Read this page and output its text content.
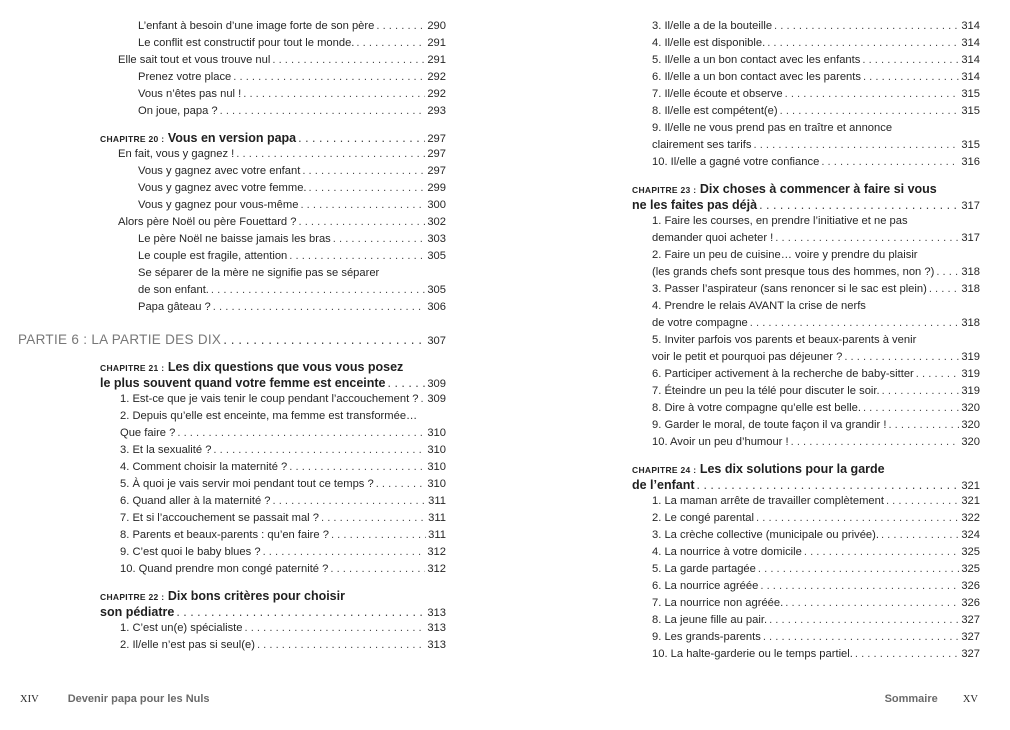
L’enfant à besoin d’une image forte de son père . . .	290
Le conflit est constructif pour tout le monde. . . .	291
Elle sait tout et vous trouve nul . . .	291
Prenez votre place . . .	292
Vous n’êtes pas nul ! . . .	292
On joue, papa ? . . .	293
CHAPITRE 20 : Vous en version papa . . .	297
En fait, vous y gagnez ! . . .	297
Vous y gagnez avec votre enfant . . .	297
Vous y gagnez avec votre femme. . . .	299
Vous y gagnez pour vous-même . . .	300
Alors père Noël ou père Fouettard ? . . .	302
Le père Noël ne baisse jamais les bras . . .	303
Le couple est fragile, attention . . .	305
Se séparer de la mère ne signifie pas se séparer
de son enfant. . . .	305
Papa gâteau ? . . .	306
PARTIE 6 : LA PARTIE DES DIX . . .	307
CHAPITRE 21 : Les dix questions que vous vous posez
le plus souvent quand votre femme est enceinte . . .	309
1. Est-ce que je vais tenir le coup pendant l’accouchement ? . . . 309
2. Depuis qu’elle est enceinte, ma femme est transformée…
Que faire ? . . .	310
3. Et la sexualité ? . . .	310
4. Comment choisir la maternité ? . . .	310
5. À quoi je vais servir moi pendant tout ce temps ? . . .	310
6. Quand aller à la maternité ? . . .	311
7. Et si l’accouchement se passait mal ? . . .	311
8. Parents et beaux-parents : qu’en faire ? . . .	311
9. C’est quoi le baby blues ? . . .	312
10. Quand prendre mon congé paternité ? . . .	312
CHAPITRE 22 : Dix bons critères pour choisir
son pédiatre . . .	313
1. C’est un(e) spécialiste . . .	313
2. Il/elle n’est pas si seul(e) . . .	313
3. Il/elle a de la bouteille . . .	314
4. Il/elle est disponible. . . .	314
5. Il/elle a un bon contact avec les enfants . . .	314
6. Il/elle a un bon contact avec les parents . . .	314
7. Il/elle écoute et observe . . .	315
8. Il/elle est compétent(e) . . .	315
9. Il/elle ne vous prend pas en traître et annonce
clairement ses tarifs . . .	315
10. Il/elle a gagné votre confiance . . .	316
CHAPITRE 23 : Dix choses à commencer à faire si vous
ne les faites pas déjà . . .	317
1. Faire les courses, en prendre l’initiative et ne pas
demander quoi acheter ! . . .	317
2. Faire un peu de cuisine… voire y prendre du plaisir
(les grands chefs sont presque tous des hommes, non ?) . . . 318
3. Passer l’aspirateur (sans renoncer si le sac est plein) . . .	318
4. Prendre le relais AVANT la crise de nerfs
de votre compagne . . .	318
5. Inviter parfois vos parents et beaux-parents à venir
voir le petit et pourquoi pas déjeuner ? . . .	319
6. Participer activement à la recherche de baby-sitter . . .	319
7. Éteindre un peu la télé pour discuter le soir. . . .	319
8. Dire à votre compagne qu’elle est belle. . . .	320
9. Garder le moral, de toute façon il va grandir ! . . .	320
10. Avoir un peu d’humour ! . . .	320
CHAPITRE 24 : Les dix solutions pour la garde
de l’enfant . . .	321
1. La maman arrête de travailler complètement . . .	321
2. Le congé parental . . .	322
3. La crèche collective (municipale ou privée). . . .	324
4. La nourrice à votre domicile . . .	325
5. La garde partagée . . .	325
6. La nourrice agréée . . .	326
7. La nourrice non agréée. . . .	326
8. La jeune fille au pair. . . .	327
9. Les grands-parents . . .	327
10. La halte-garderie ou le temps partiel. . . .	327
XIV	Devenir papa pour les Nuls	Sommaire XV
